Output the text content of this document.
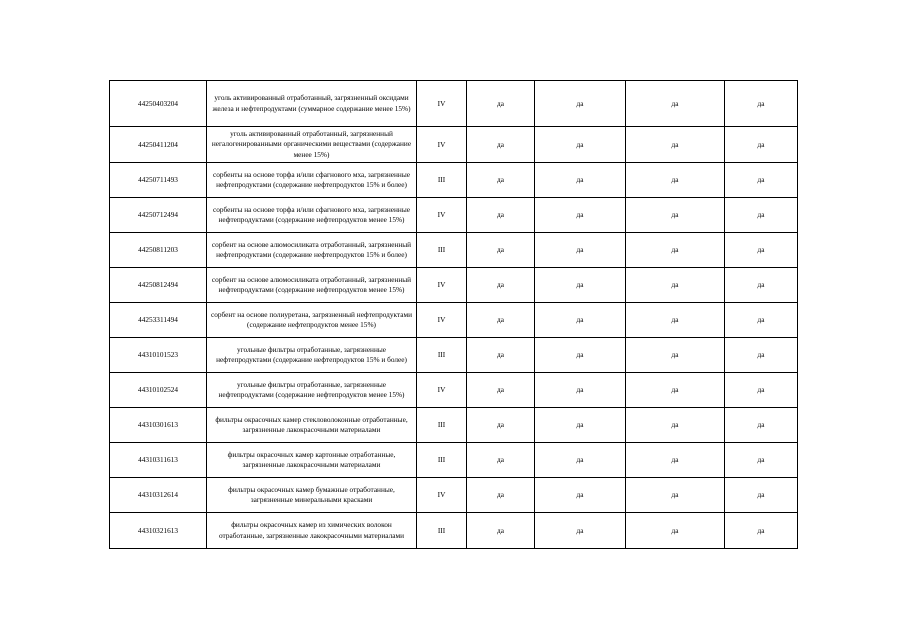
44250403204	уголь активированный отработанный, загрязненный оксидами железа и нефтепродуктами (суммарное содержание менее 15%)	IV	да	да	да	да
44250411204	уголь активированный отработанный, загрязненный негалогенированными органическими веществами (содержание менее 15%)	IV	да	да	да	да
44250711493	сорбенты на основе торфа и/или сфагнового мха, загрязненные нефтепродуктами (содержание нефтепродуктов 15% и более)	III	да	да	да	да
44250712494	сорбенты на основе торфа и/или сфагнового мха, загрязненные нефтепродуктами (содержание нефтепродуктов менее 15%)	IV	да	да	да	да
44250811203	сорбент на основе алюмосиликата отработанный, загрязненный нефтепродуктами (содержание нефтепродуктов 15% и более)	III	да	да	да	да
44250812494	сорбент на основе алюмосиликата отработанный, загрязненный нефтепродуктами (содержание нефтепродуктов менее 15%)	IV	да	да	да	да
44253311494	сорбент на основе полиуретана, загрязненный нефтепродуктами (содержание нефтепродуктов менее 15%)	IV	да	да	да	да
44310101523	угольные фильтры отработанные, загрязненные нефтепродуктами (содержание нефтепродуктов 15% и более)	III	да	да	да	да
44310102524	угольные фильтры отработанные, загрязненные нефтепродуктами (содержание нефтепродуктов менее 15%)	IV	да	да	да	да
44310301613	фильтры окрасочных камер стекловолоконные отработанные, загрязненные лакокрасочными материалами	III	да	да	да	да
44310311613	фильтры окрасочных камер картонные отработанные, загрязненные лакокрасочными материалами	III	да	да	да	да
44310312614	фильтры окрасочных камер бумажные отработанные, загрязненные минеральными красками	IV	да	да	да	да
44310321613	фильтры окрасочных камер из химических волокон отработанные, загрязненные лакокрасочными материалами	III	да	да	да	да
